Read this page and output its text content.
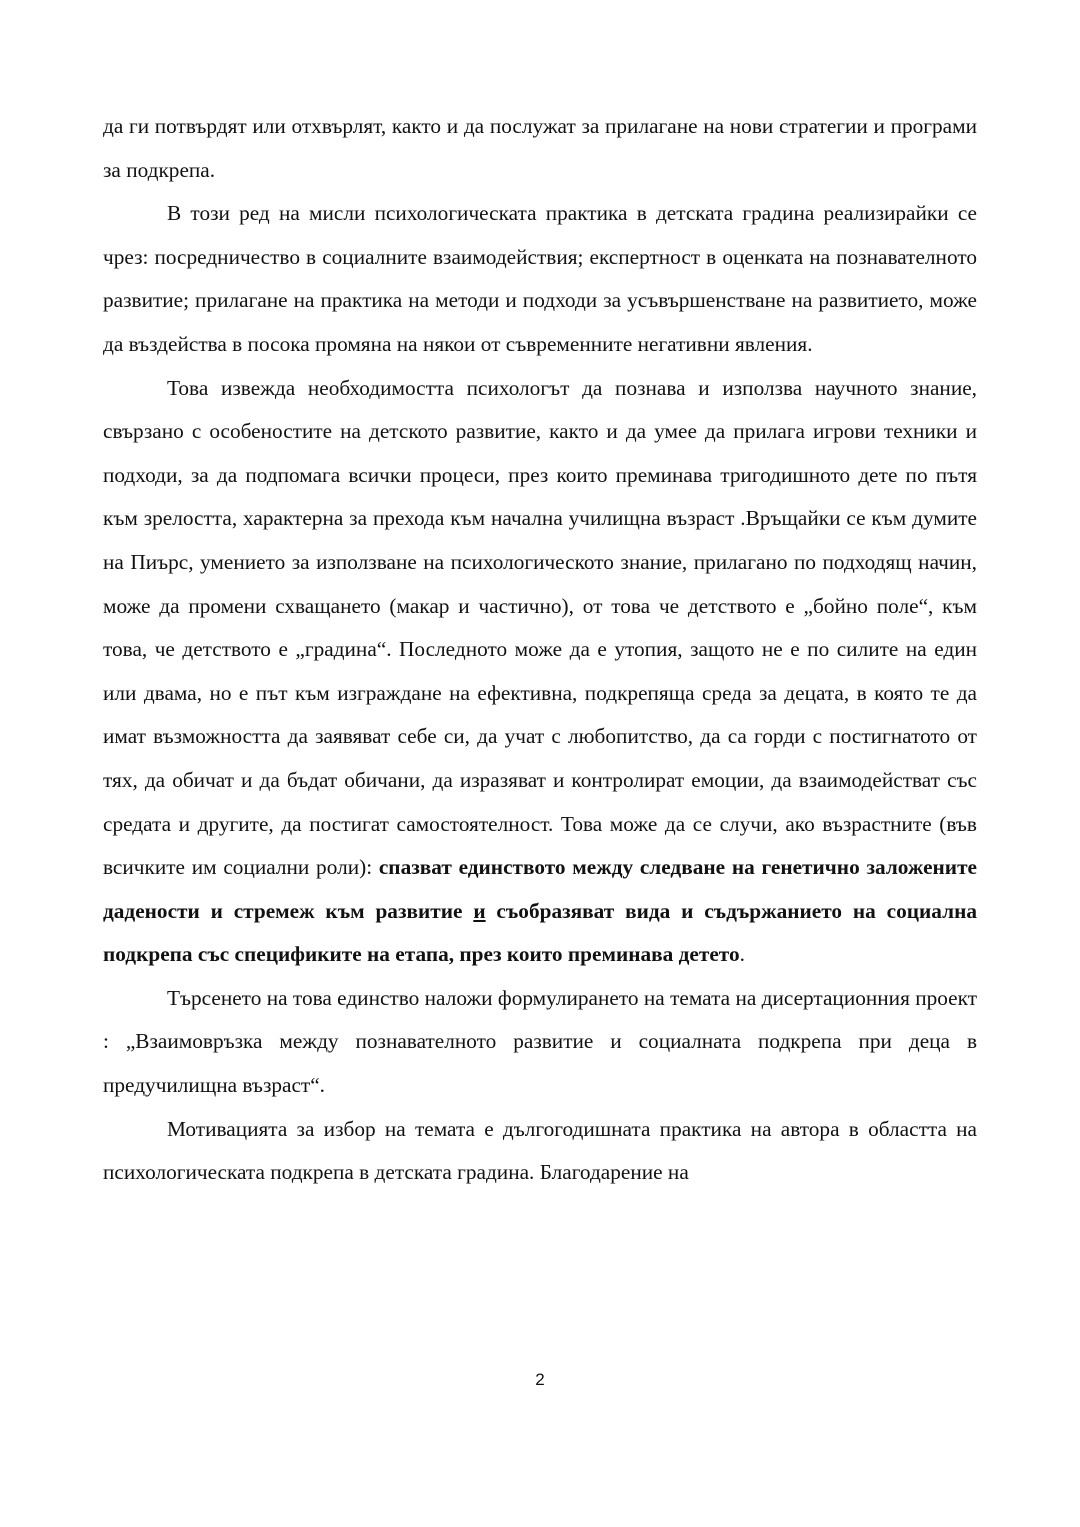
да ги потвърдят или отхвърлят, както и да послужат за прилагане на нови стратегии и програми за подкрепа.

В този ред на мисли психологическата практика в детската градина реализирайки се чрез: посредничество в социалните взаимодействия; експертност в оценката на познавателното развитие; прилагане на практика на методи и подходи за усъвършенстване на развитието, може да въздейства в посока промяна на някои от съвременните негативни явления.

Това извежда необходимостта психологът да познава и използва научното знание, свързано с особеностите на детското развитие, както и да умее да прилага игрови техники и подходи, за да подпомага всички процеси, през които преминава тригодишното дете по пътя към зрелостта, характерна за прехода към начална училищна възраст .Връщайки се към думите на Пиърс, умението за използване на психологическото знание, прилагано по подходящ начин, може да промени схващането (макар и частично), от това че детството е „бойно поле“, към това, че детството е „градина“. Последното може да е утопия, защото не е по силите на един или двама, но е път към изграждане на ефективна, подкрепяща среда за децата, в която те да имат възможността да заявяват себе си, да учат с любопитство, да са горди с постигнатото от тях, да обичат и да бъдат обичани, да изразяват и контролират емоции, да взаимодействат със средата и другите, да постигат самостоятелност. Това може да се случи, ако възрастните (във всичките им социални роли): спазват единството между следване на генетично заложените дадености и стремеж към развитие и съобразяват вида и съдържанието на социална подкрепа със спецификите на етапа, през които преминава детето.

Търсенето на това единство наложи формулирането на темата на дисертационния проект : „Взаимовръзка между познавателното развитие и социалната подкрепа при деца в предучилищна възраст“.

Мотивацията за избор на темата е дългогодишната практика на автора в областта на психологическата подкрепа в детската градина. Благодарение на

2
